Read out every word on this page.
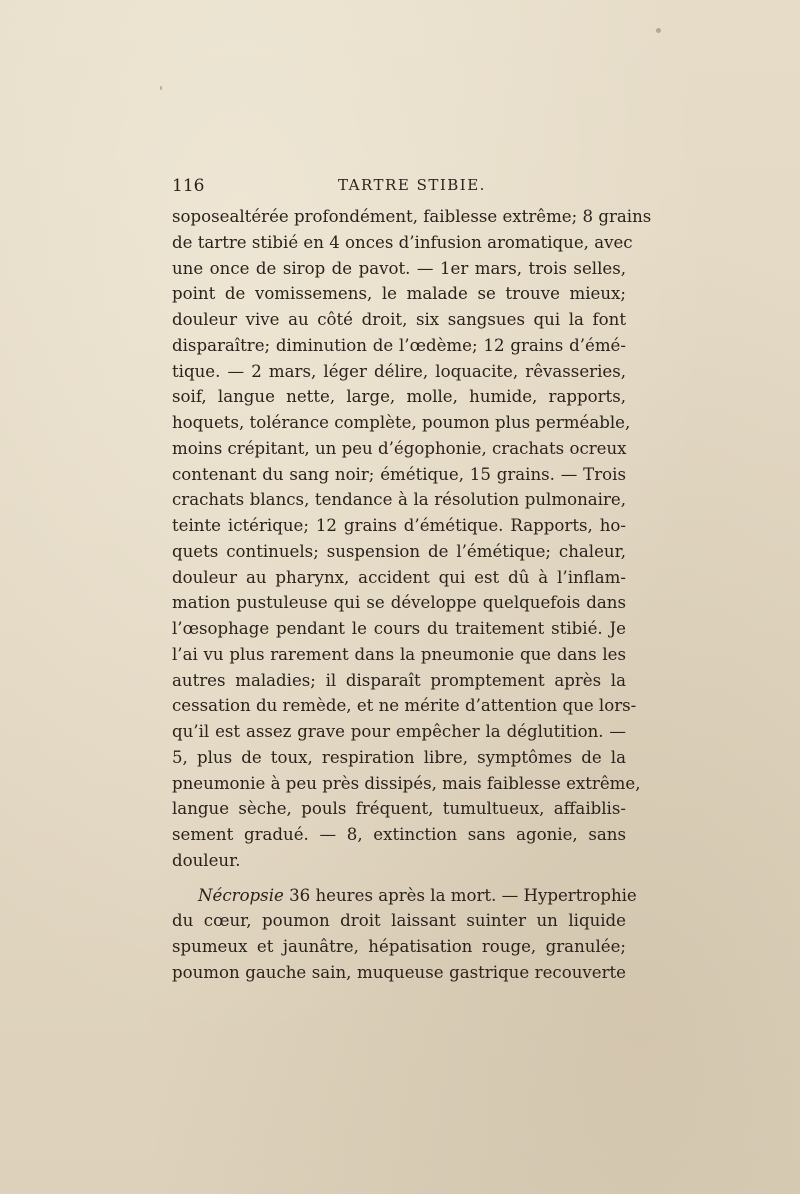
116	TARTRE STIBIE.
soposealtérée profondément, faiblesse extrême; 8 grains
de tartre stibié en 4 onces d’infusion aromatique, avec
une once de sirop de pavot. — 1er mars, trois selles,
point de vomissemens, le malade se trouve mieux;
douleur vive au côté droit, six sangsues qui la font
disparaître; diminution de l’œdème; 12 grains d’émé-
tique. — 2 mars, léger délire, loquacite, rêvasseries,
soif, langue nette, large, molle, humide, rapports,
hoquets, tolérance complète, poumon plus perméable,
moins crépitant, un peu d’égophonie, crachats ocreux
contenant du sang noir; émétique, 15 grains. — Trois
crachats blancs, tendance à la résolution pulmonaire,
teinte ictérique; 12 grains d’émétique. Rapports, ho-
quets continuels; suspension de l’émétique; chaleur,
douleur au pharynx, accident qui est dû à l’inflam-
mation pustuleuse qui se développe quelquefois dans
l’œsophage pendant le cours du traitement stibié. Je
l’ai vu plus rarement dans la pneumonie que dans les
autres maladies; il disparaît promptement après la
cessation du remède, et ne mérite d’attention que lors-
qu’il est assez grave pour empêcher la déglutition. —
5, plus de toux, respiration libre, symptômes de la
pneumonie à peu près dissipés, mais faiblesse extrême,
langue sèche, pouls fréquent, tumultueux, affaiblis-
sement gradué. — 8, extinction sans agonie, sans
douleur.
Nécropsie 36 heures après la mort. — Hypertrophie
du cœur, poumon droit laissant suinter un liquide
spumeux et jaunâtre, hépatisation rouge, granulée;
poumon gauche sain, muqueuse gastrique recouverte
